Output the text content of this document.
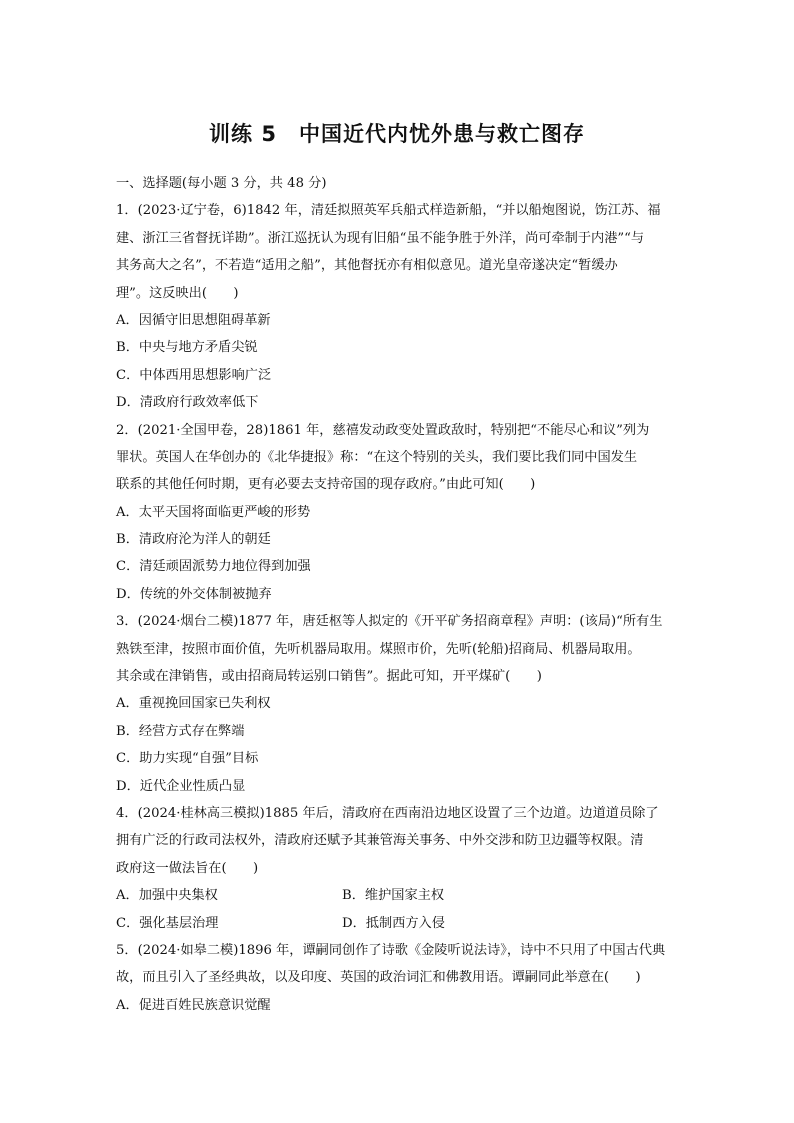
训练 5　中国近代内忧外患与救亡图存
一、选择题(每小题 3 分，共 48 分)
1．(2023·辽宁卷，6)1842 年，清廷拟照英军兵船式样造新船，“并以船炮图说，饬江苏、福
建、浙江三省督抚详勘”。浙江巡抚认为现有旧船“虽不能争胜于外洋，尚可牵制于内港”“与
其务高大之名”，不若造“适用之船”，其他督抚亦有相似意见。道光皇帝遂决定“暂缓办
理”。这反映出(　　)
A．因循守旧思想阻碍革新
B．中央与地方矛盾尖锐
C．中体西用思想影响广泛
D．清政府行政效率低下
2．(2021·全国甲卷，28)1861 年，慈禧发动政变处置政敌时，特别把“不能尽心和议”列为
罪状。英国人在华创办的《北华捷报》称：“在这个特别的关头，我们要比我们同中国发生
联系的其他任何时期，更有必要去支持帝国的现存政府。”由此可知(　　)
A．太平天国将面临更严峻的形势
B．清政府沦为洋人的朝廷
C．清廷顽固派势力地位得到加强
D．传统的外交体制被抛弃
3．(2024·烟台二模)1877 年，唐廷枢等人拟定的《开平矿务招商章程》声明：(该局)“所有生
熟铁至津，按照市面价值，先听机器局取用。煤照市价，先听(轮船)招商局、机器局取用。
其余或在津销售，或由招商局转运别口销售”。据此可知，开平煤矿(　　)
A．重视挽回国家已失利权
B．经营方式存在弊端
C．助力实现“自强”目标
D．近代企业性质凸显
4．(2024·桂林高三模拟)1885 年后，清政府在西南沿边地区设置了三个边道。边道道员除了
拥有广泛的行政司法权外，清政府还赋予其兼管海关事务、中外交涉和防卫边疆等权限。清
政府这一做法旨在(　　)
A．加强中央集权	B．维护国家主权
C．强化基层治理	D．抵制西方入侵
5．(2024·如皋二模)1896 年，谭嗣同创作了诗歌《金陵听说法诗》，诗中不只用了中国古代典
故，而且引入了圣经典故，以及印度、英国的政治词汇和佛教用语。谭嗣同此举意在(　　)
A．促进百姓民族意识觉醒
